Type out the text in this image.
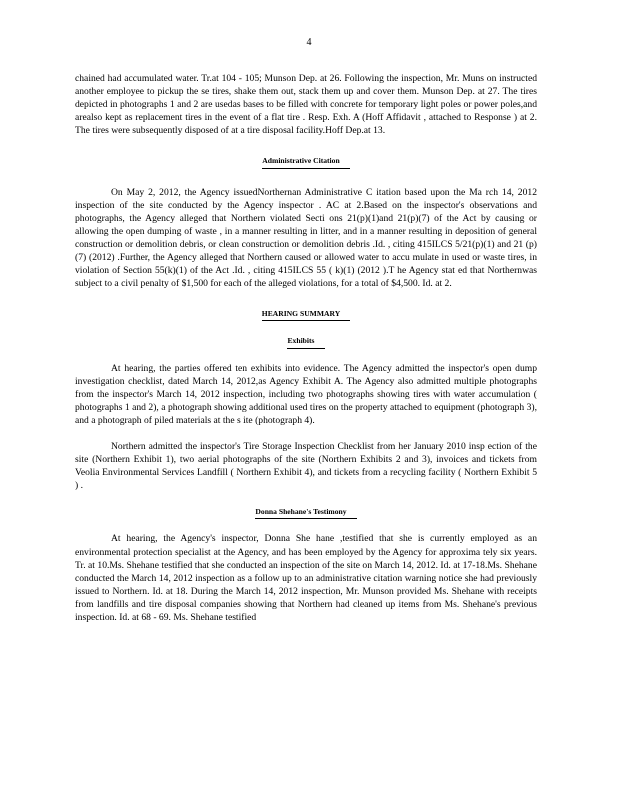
4

chained had accumulated water. Tr.at 104 - 105; Munson Dep. at 26. Following the inspection, Mr. Muns on instructed another employee to pickup the se tires, shake them out, stack them up and cover them. Munson Dep. at 27. The tires depicted in photographs 1 and 2 are usedas bases to be filled with concrete for temporary light poles or power poles,and arealso kept as replacement tires in the event of a flat tire . Resp. Exh. A (Hoff Affidavit , attached to Response ) at 2. The tires were subsequently disposed of at a tire disposal facility.Hoff Dep.at 13.

Administrative Citation

On May 2, 2012, the Agency issuedNorthernan Administrative C itation based upon the Ma rch 14, 2012 inspection of the site conducted by the Agency inspector . AC at 2.Based on the inspector's observations and photographs, the Agency alleged that Northern violated Secti ons 21(p)(1)and 21(p)(7) of the Act by causing or allowing the open dumping of waste , in a manner resulting in litter, and in a manner resulting in deposition of general construction or demolition debris, or clean construction or demolition debris .Id. , citing 415ILCS 5/21(p)(1) and 21 (p)(7) (2012) .Further, the Agency alleged that Northern caused or allowed water to accu mulate in used or waste tires, in violation of Section 55(k)(1) of the Act .Id. , citing 415ILCS 55 ( k)(1) (2012 ).T he Agency stat ed that Northernwas subject to a civil penalty of $1,500 for each of the alleged violations, for a total of $4,500. Id. at 2.

HEARING SUMMARY

Exhibits

At hearing, the parties offered ten exhibits into evidence. The Agency admitted the inspector's open dump investigation checklist, dated March 14, 2012,as Agency Exhibit A. The Agency also admitted multiple photographs from the inspector's March 14, 2012 inspection, including two photographs showing tires with water accumulation ( photographs 1 and 2), a photograph showing additional used tires on the property attached to equipment (photograph 3), and a photograph of piled materials at the s ite (photograph 4).

Northern admitted the inspector's Tire Storage Inspection Checklist from her January 2010 insp ection of the site (Northern Exhibit 1), two aerial photographs of the site (Northern Exhibits 2 and 3), invoices and tickets from Veolia Environmental Services Landfill ( Northern Exhibit 4), and tickets from a recycling facility ( Northern Exhibit 5 ) .

Donna Shehane's Testimony

At hearing, the Agency's inspector, Donna She hane ,testified that she is currently employed as an environmental protection specialist at the Agency, and has been employed by the Agency for approxima tely six years. Tr. at 10.Ms. Shehane testified that she conducted an inspection of the site on March 14, 2012. Id. at 17-18.Ms. Shehane conducted the March 14, 2012 inspection as a follow up to an administrative citation warning notice she had previously issued to Northern. Id. at 18. During the March 14, 2012 inspection, Mr. Munson provided Ms. Shehane with receipts from landfills and tire disposal companies showing that Northern had cleaned up items from Ms. Shehane's previous inspection. Id. at 68 - 69. Ms. Shehane testified
